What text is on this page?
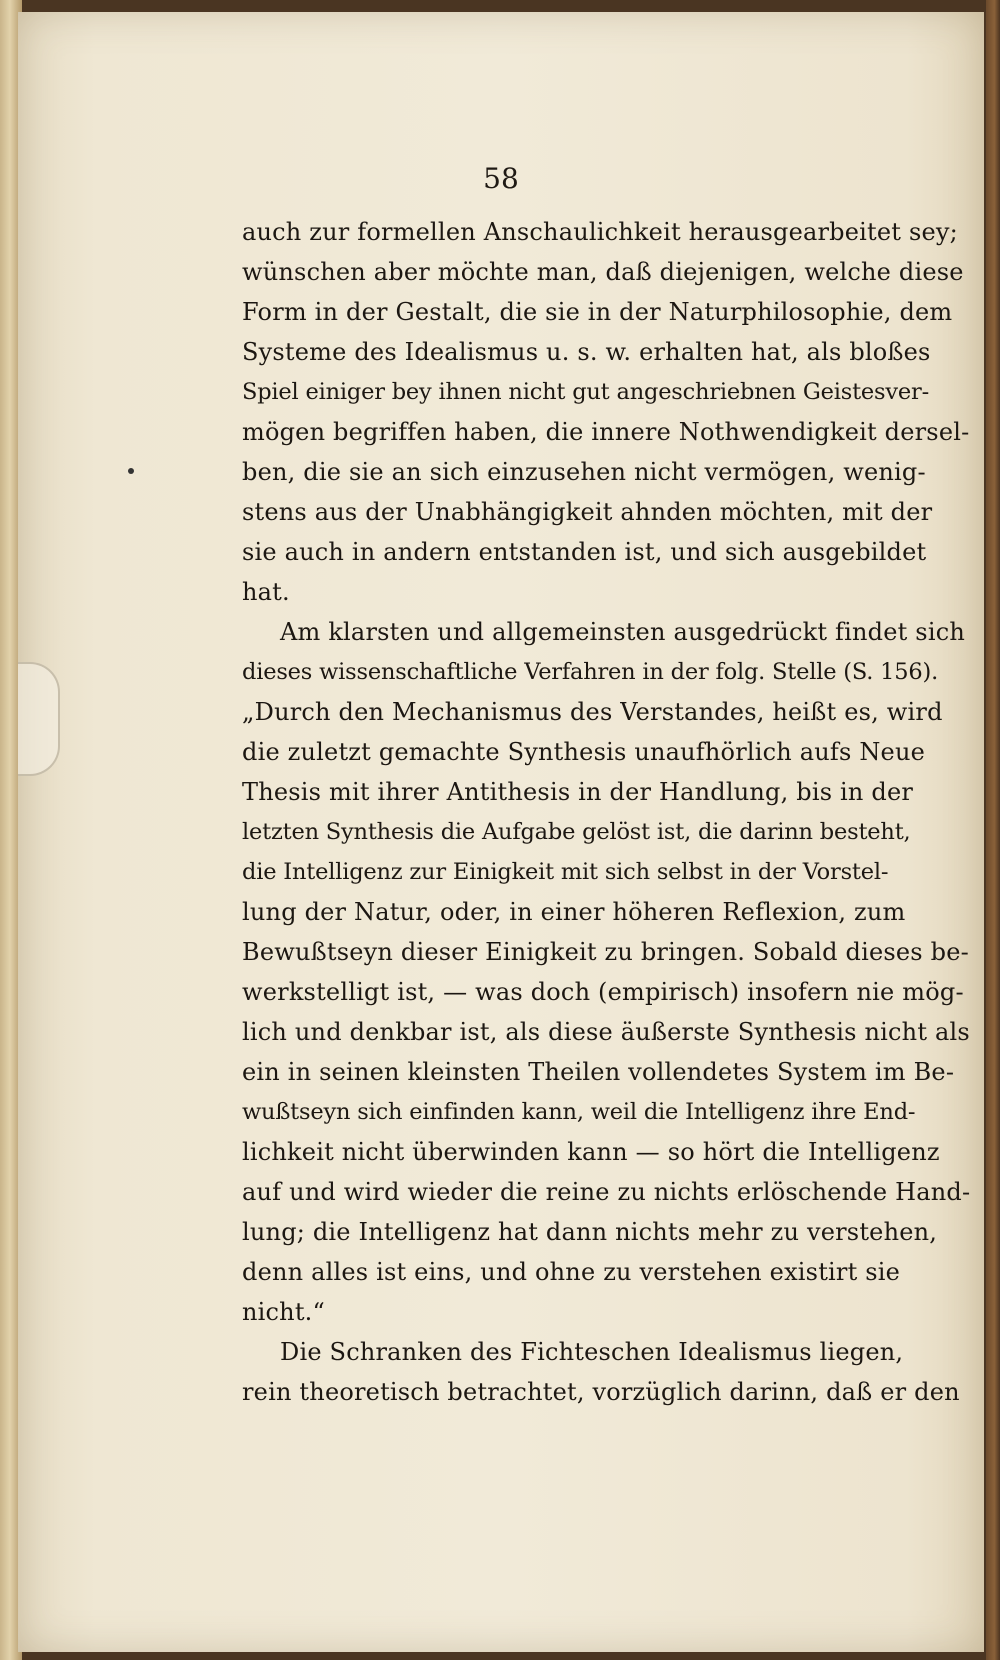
58
auch zur formellen Anschaulichkeit herausgearbeitet sey;
wünschen aber möchte man, daß diejenigen, welche diese
Form in der Gestalt, die sie in der Naturphilosophie, dem
Systeme des Idealismus u. s. w. erhalten hat, als bloßes
Spiel einiger bey ihnen nicht gut angeschriebnen Geistesver-
mögen begriffen haben, die innere Nothwendigkeit dersel-
ben, die sie an sich einzusehen nicht vermögen, wenig-
stens aus der Unabhängigkeit ahnden möchten, mit der
sie auch in andern entstanden ist, und sich ausgebildet
hat.
Am klarsten und allgemeinsten ausgedrückt findet sich
dieses wissenschaftliche Verfahren in der folg. Stelle (S. 156).
„Durch den Mechanismus des Verstandes, heißt es, wird
die zuletzt gemachte Synthesis unaufhörlich aufs Neue
Thesis mit ihrer Antithesis in der Handlung, bis in der
letzten Synthesis die Aufgabe gelöst ist, die darinn besteht,
die Intelligenz zur Einigkeit mit sich selbst in der Vorstel-
lung der Natur, oder, in einer höheren Reflexion, zum
Bewußtseyn dieser Einigkeit zu bringen. Sobald dieses be-
werkstelligt ist, — was doch (empirisch) insofern nie mög-
lich und denkbar ist, als diese äußerste Synthesis nicht als
ein in seinen kleinsten Theilen vollendetes System im Be-
wußtseyn sich einfinden kann, weil die Intelligenz ihre End-
lichkeit nicht überwinden kann — so hört die Intelligenz
auf und wird wieder die reine zu nichts erlöschende Hand-
lung; die Intelligenz hat dann nichts mehr zu verstehen,
denn alles ist eins, und ohne zu verstehen existirt sie
nicht.“
Die Schranken des Fichteschen Idealismus liegen,
rein theoretisch betrachtet, vorzüglich darinn, daß er den
